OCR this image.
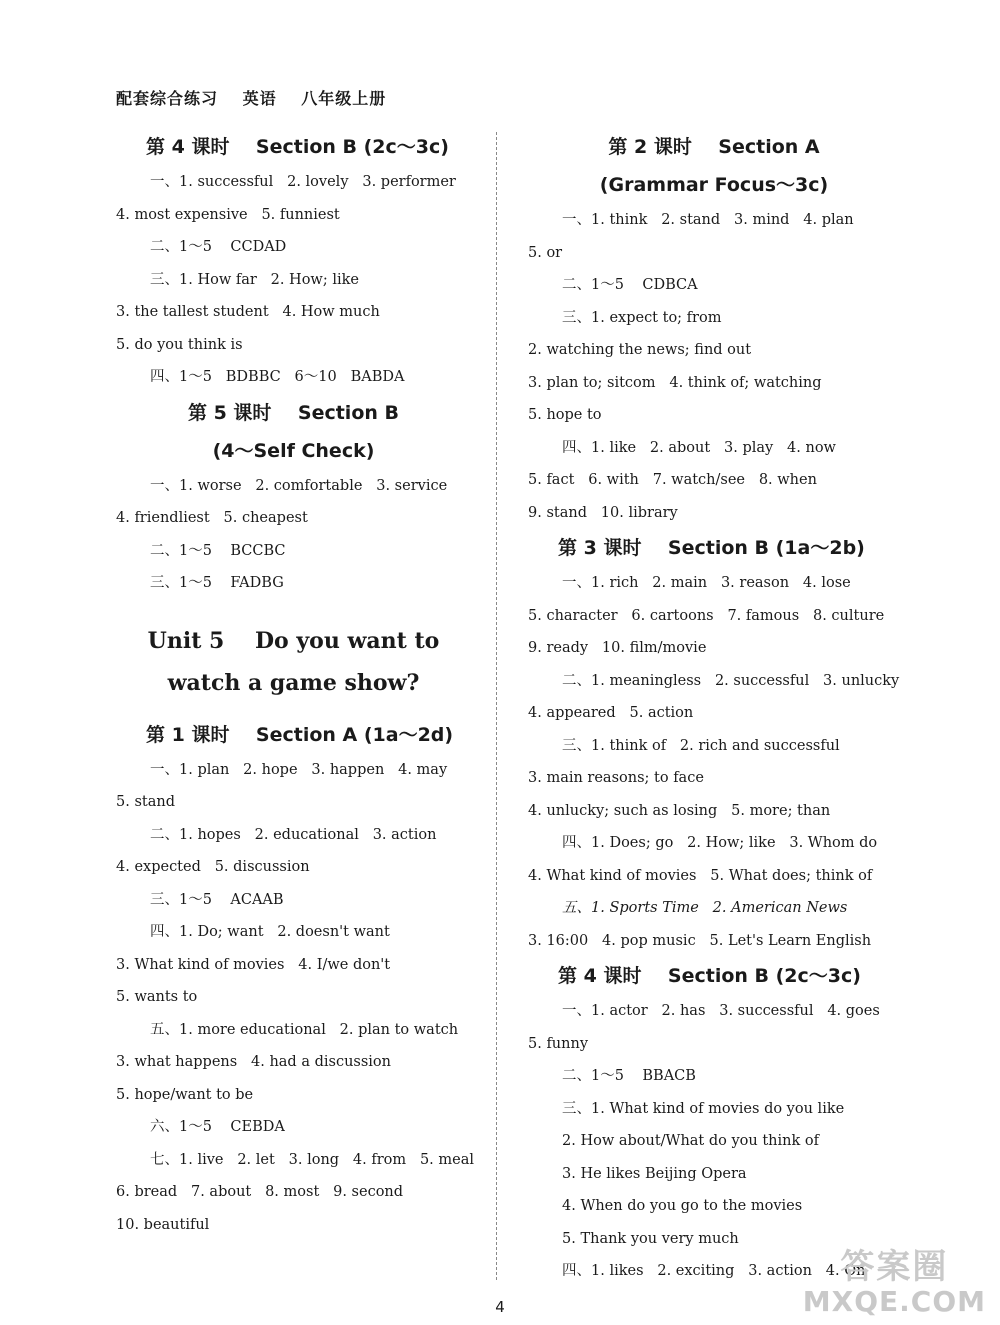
配套综合练习 英语 八年级上册
第 4 课时    Section B (2c～3c)
一、1. successful   2. lovely   3. performer
4. most expensive   5. funniest
二、1～5    CCDAD
三、1. How far   2. How; like
3. the tallest student   4. How much
5. do you think is
四、1～5   BDBBC   6～10   BABDA
第 5 课时    Section B
(4～Self Check)
一、1. worse   2. comfortable   3. service
4. friendliest   5. cheapest
二、1～5    BCCBC
三、1～5    FADBG
Unit 5    Do you want to
watch a game show?
第 1 课时    Section A (1a～2d)
一、1. plan   2. hope   3. happen   4. may
5. stand
二、1. hopes   2. educational   3. action
4. expected   5. discussion
三、1～5    ACAAB
四、1. Do; want   2. doesn't want
3. What kind of movies   4. I/we don't
5. wants to
五、1. more educational   2. plan to watch
3. what happens   4. had a discussion
5. hope/want to be
六、1～5    CEBDA
七、1. live   2. let   3. long   4. from   5. meal
6. bread   7. about   8. most   9. second
10. beautiful
第 2 课时    Section A
(Grammar Focus～3c)
一、1. think   2. stand   3. mind   4. plan
5. or
二、1～5    CDBCA
三、1. expect to; from
2. watching the news; find out
3. plan to; sitcom   4. think of; watching
5. hope to
四、1. like   2. about   3. play   4. now
5. fact   6. with   7. watch/see   8. when
9. stand   10. library
第 3 课时    Section B (1a～2b)
一、1. rich   2. main   3. reason   4. lose
5. character   6. cartoons   7. famous   8. culture
9. ready   10. film/movie
二、1. meaningless   2. successful   3. unlucky
4. appeared   5. action
三、1. think of   2. rich and successful
3. main reasons; to face
4. unlucky; such as losing   5. more; than
四、1. Does; go   2. How; like   3. Whom do
4. What kind of movies   5. What does; think of
五、1. Sports Time   2. American News
3. 16:00   4. pop music   5. Let's Learn English
第 4 课时    Section B (2c～3c)
一、1. actor   2. has   3. successful   4. goes
5. funny
二、1～5    BBACB
三、1. What kind of movies do you like
2. How about/What do you think of
3. He likes Beijing Opera
4. When do you go to the movies
5. Thank you very much
四、1. likes   2. exciting   3. action   4. On
4
答案圈
MXQE.COM
